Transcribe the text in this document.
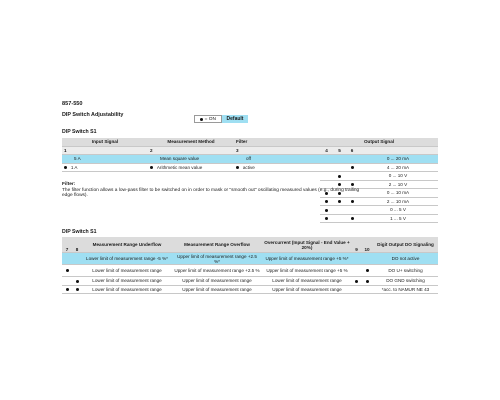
857-550
DIP Switch Adjustability
= ON	Default
DIP Switch S1
Input Signal	Measurement Method	Filter	Output Signal			
1	2	3	4	5	6	
5 A	Mean square value	off				0 ... 20 mA
1 A	Arithmetic mean value	active				4 ... 20 mA
						0 ... 10 V
						2 ... 10 V
						0 ... 10 mA
						2 ... 10 mA
						0 ... 5 V
						1 ... 5 V
Filter:
The filter function allows a low-pass filter to be switched on in order to mask or "smooth out" oscillating measured values (e.g., during trailing edge flows).
DIP Switch S1
7	8	Measurement Range Underflow	Measurement Range Overflow	Overcurrent (Input Signal - End Value + 20%)	9	10	Digit Output DO Signaling
		Lower limit of measurement range -5 %*	Upper limit of measurement range +2.5 %*	Upper limit of measurement range +5 %*			DO not active
		Lower limit of measurement range	Upper limit of measurement range +2.5 %	Upper limit of measurement range +5 %			DO U+ switching
		Lower limit of measurement range	Upper limit of measurement range	Lower limit of measurement range			DO GND switching
		Lower limit of measurement range	Upper limit of measurement range	Upper limit of measurement range			*acc. to NAMUR NE 43
